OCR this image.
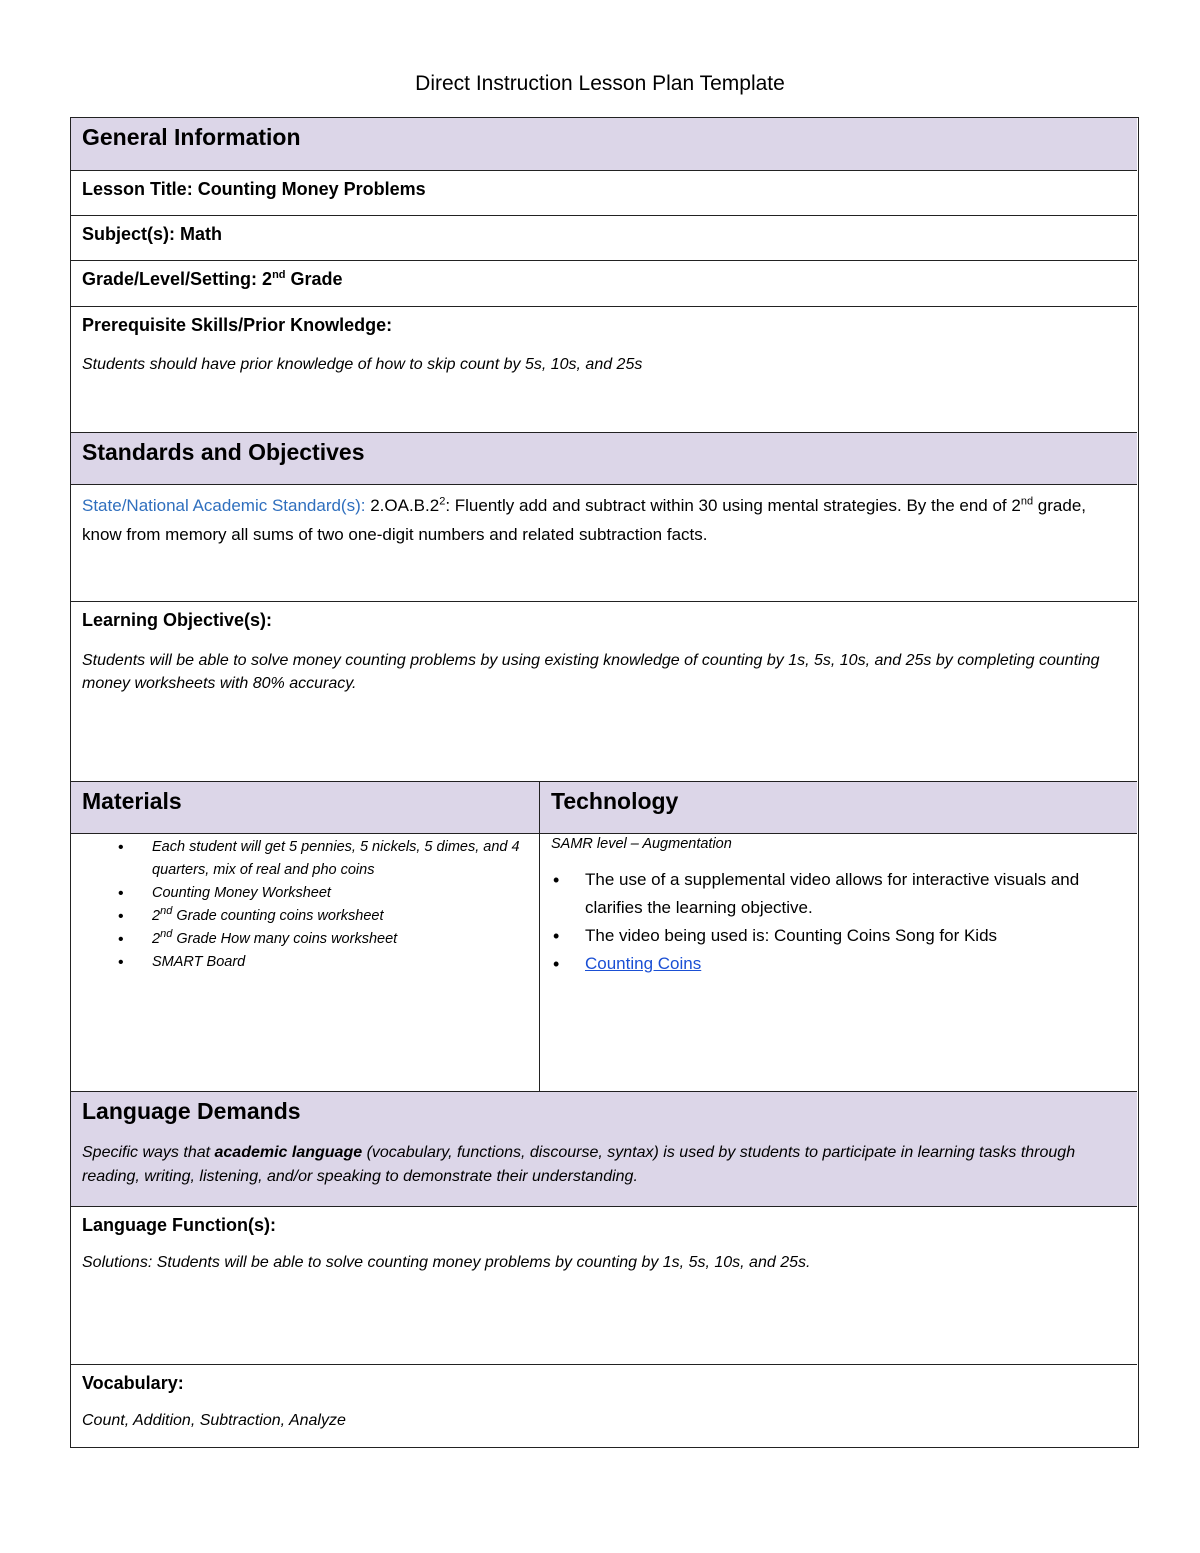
Direct Instruction Lesson Plan Template
General Information
Lesson Title: Counting Money Problems
Subject(s): Math
Grade/Level/Setting: 2nd Grade
Prerequisite Skills/Prior Knowledge:
Students should have prior knowledge of how to skip count by 5s, 10s, and 25s
Standards and Objectives
State/National Academic Standard(s): $2.OA.B.2^2$: Fluently add and subtract within 30 using mental strategies. By the end of 2nd grade, know from memory all sums of two one-digit numbers and related subtraction facts.
Learning Objective(s):
Students will be able to solve money counting problems by using existing knowledge of counting by 1s, 5s, 10s, and 25s by completing counting money worksheets with 80% accuracy.
Materials	Technology
• Each student will get 5 pennies, 5 nickels, 5 dimes, and 4 quarters, mix of real and pho coins
• Counting Money Worksheet
• 2nd Grade counting coins worksheet
• 2nd Grade How many coins worksheet
• SMART Board
SAMR level – Augmentation
• The use of a supplemental video allows for interactive visuals and clarifies the learning objective.
• The video being used is: Counting Coins Song for Kids
• Counting Coins
Language Demands
Specific ways that academic language (vocabulary, functions, discourse, syntax) is used by students to participate in learning tasks through reading, writing, listening, and/or speaking to demonstrate their understanding.
Language Function(s):
Solutions: Students will be able to solve counting money problems by counting by 1s, 5s, 10s, and 25s.
Vocabulary:
Count, Addition, Subtraction, Analyze
